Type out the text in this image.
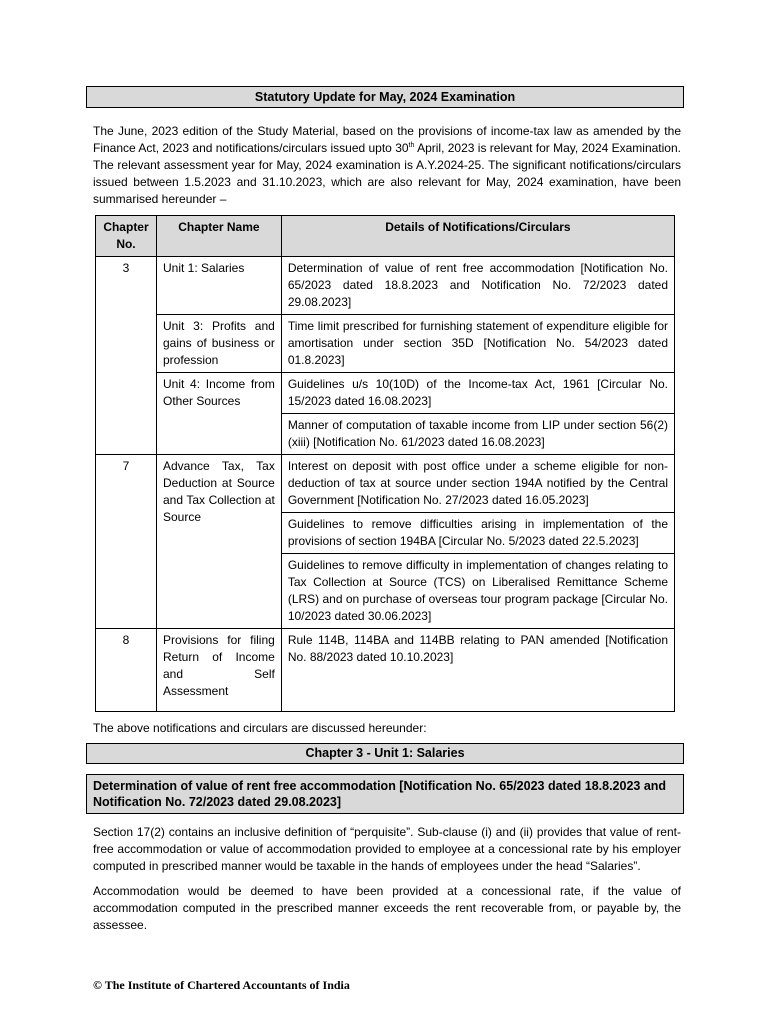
Statutory Update for May, 2024 Examination

The June, 2023 edition of the Study Material, based on the provisions of income-tax law as amended by the Finance Act, 2023 and notifications/circulars issued upto 30th April, 2023 is relevant for May, 2024 Examination. The relevant assessment year for May, 2024 examination is A.Y.2024-25. The significant notifications/circulars issued between 1.5.2023 and 31.10.2023, which are also relevant for May, 2024 examination, have been summarised hereunder –

Chapter No.	Chapter Name	Details of Notifications/Circulars
3	Unit 1: Salaries	Determination of value of rent free accommodation [Notification No. 65/2023 dated 18.8.2023 and Notification No. 72/2023 dated 29.08.2023]
	Unit 3: Profits and gains of business or profession	Time limit prescribed for furnishing statement of expenditure eligible for amortisation under section 35D [Notification No. 54/2023 dated 01.8.2023]
	Unit 4: Income from Other Sources	Guidelines u/s 10(10D) of the Income-tax Act, 1961 [Circular No. 15/2023 dated 16.08.2023]
		Manner of computation of taxable income from LIP under section 56(2)(xiii) [Notification No. 61/2023 dated 16.08.2023]
7	Advance Tax, Tax Deduction at Source and Tax Collection at Source	Interest on deposit with post office under a scheme eligible for non-deduction of tax at source under section 194A notified by the Central Government [Notification No. 27/2023 dated 16.05.2023]
		Guidelines to remove difficulties arising in implementation of the provisions of section 194BA [Circular No. 5/2023 dated 22.5.2023]
		Guidelines to remove difficulty in implementation of changes relating to Tax Collection at Source (TCS) on Liberalised Remittance Scheme (LRS) and on purchase of overseas tour program package [Circular No. 10/2023 dated 30.06.2023]
8	Provisions for filing Return of Income and Self Assessment	Rule 114B, 114BA and 114BB relating to PAN amended [Notification No. 88/2023 dated 10.10.2023]

The above notifications and circulars are discussed hereunder:

Chapter 3 - Unit 1: Salaries
Determination of value of rent free accommodation [Notification No. 65/2023 dated 18.8.2023 and Notification No. 72/2023 dated 29.08.2023]

Section 17(2) contains an inclusive definition of “perquisite”. Sub-clause (i) and (ii) provides that value of rent-free accommodation or value of accommodation provided to employee at a concessional rate by his employer computed in prescribed manner would be taxable in the hands of employees under the head “Salaries”.

Accommodation would be deemed to have been provided at a concessional rate, if the value of accommodation computed in the prescribed manner exceeds the rent recoverable from, or payable by, the assessee.

© The Institute of Chartered Accountants of India
